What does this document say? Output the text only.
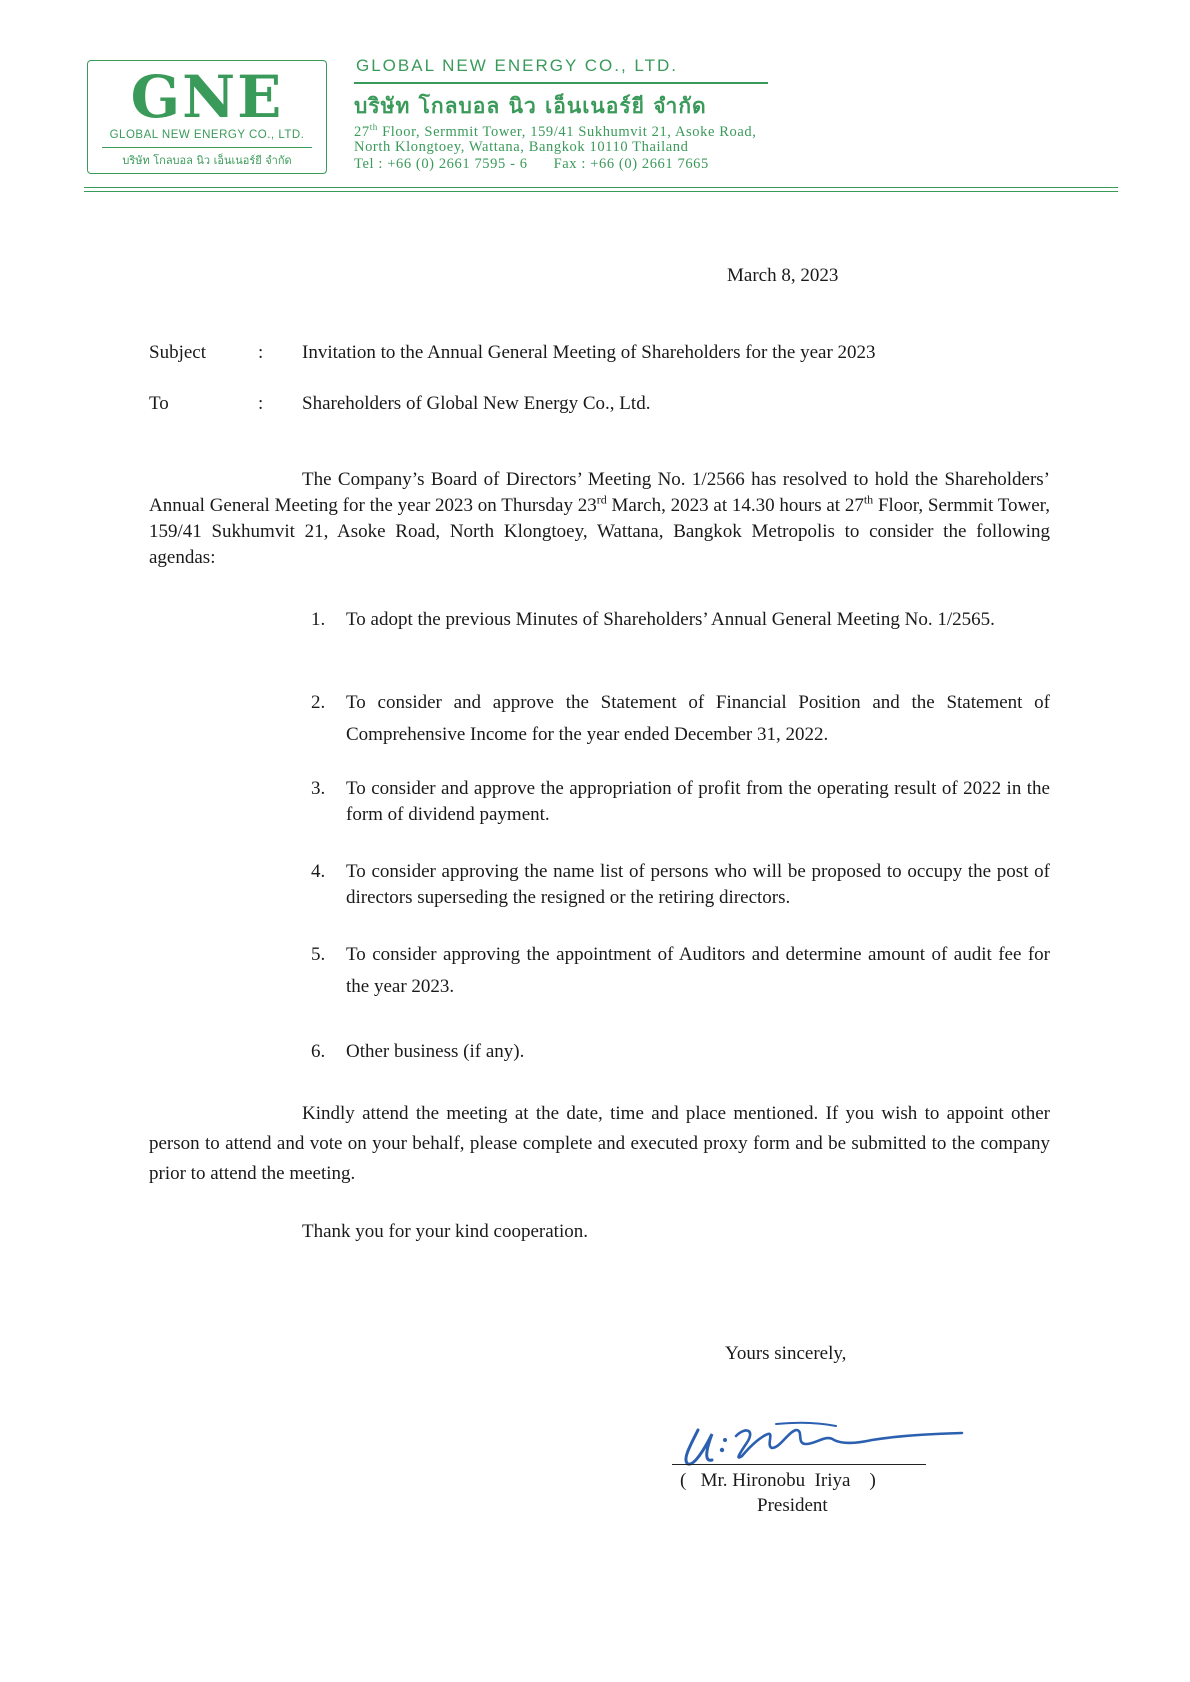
GNE
GLOBAL NEW ENERGY CO., LTD.
บริษัท โกลบอล นิว เอ็นเนอร์ยี จำกัด
GLOBAL NEW ENERGY CO., LTD.
บริษัท โกลบอล นิว เอ็นเนอร์ยี จำกัด
27th Floor, Sermmit Tower, 159/41 Sukhumvit 21, Asoke Road,
North Klongtoey, Wattana, Bangkok 10110 Thailand
Tel : +66 (0) 2661 7595 - 6 Fax : +66 (0) 2661 7665
March 8, 2023
Subject	: Invitation to the Annual General Meeting of Shareholders for the year 2023
To	: Shareholders of Global New Energy Co., Ltd.
The Company’s Board of Directors’ Meeting No. 1/2566 has resolved to hold the Shareholders’ Annual General Meeting for the year 2023 on Thursday 23rd March, 2023 at 14.30 hours at 27th Floor, Sermmit Tower, 159/41 Sukhumvit 21, Asoke Road, North Klongtoey, Wattana, Bangkok Metropolis to consider the following agendas:
1. To adopt the previous Minutes of Shareholders’ Annual General Meeting No. 1/2565.
2. To consider and approve the Statement of Financial Position and the Statement of Comprehensive Income for the year ended December 31, 2022.
3. To consider and approve the appropriation of profit from the operating result of 2022 in the form of dividend payment.
4. To consider approving the name list of persons who will be proposed to occupy the post of directors superseding the resigned or the retiring directors.
5. To consider approving the appointment of Auditors and determine amount of audit fee for the year 2023.
6. Other business (if any).
Kindly attend the meeting at the date, time and place mentioned. If you wish to appoint other person to attend and vote on your behalf, please complete and executed proxy form and be submitted to the company prior to attend the meeting.
Thank you for your kind cooperation.
Yours sincerely,
( Mr. Hironobu  Iriya )
President
